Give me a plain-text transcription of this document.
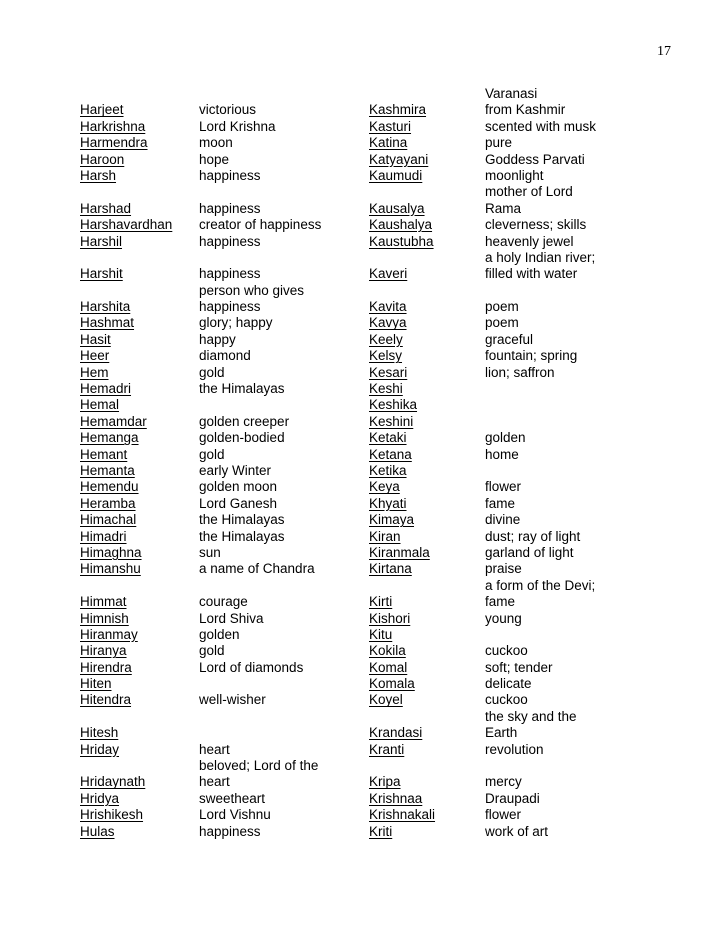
17
Harjeet
Harkrishna
Harmendra
Haroon
Harsh
Harshad
Harshavardhan
Harshil
Harshit
Harshita
Hashmat
Hasit
Heer
Hem
Hemadri
Hemal
Hemamdar
Hemanga
Hemant
Hemanta
Hemendu
Heramba
Himachal
Himadri
Himaghna
Himanshu
Himmat
Himnish
Hiranmay
Hiranya
Hirendra
Hiten
Hitendra
Hitesh
Hriday
Hridaynath
Hridya
Hrishikesh
Hulas
victorious
Lord Krishna
moon
hope
happiness
happiness
creator of happiness
happiness
happiness
person who gives
happiness
glory; happy
happy
diamond
gold
the Himalayas
golden creeper
golden-bodied
gold
early Winter
golden moon
Lord Ganesh
the Himalayas
the Himalayas
sun
a name of Chandra
courage
Lord Shiva
golden
gold
Lord of diamonds
well-wisher
heart
beloved; Lord of the
heart
sweetheart
Lord Vishnu
happiness
Kashmira
Kasturi
Katina
Katyayani
Kaumudi
Kausalya
Kaushalya
Kaustubha
Kaveri
Kavita
Kavya
Keely
Kelsy
Kesari
Keshi
Keshika
Keshini
Ketaki
Ketana
Ketika
Keya
Khyati
Kimaya
Kiran
Kiranmala
Kirtana
Kirti
Kishori
Kitu
Kokila
Komal
Komala
Koyel
Krandasi
Kranti
Kripa
Krishnaa
Krishnakali
Kriti
Varanasi
from Kashmir
scented with musk
pure
Goddess Parvati
moonlight
mother of Lord
Rama
cleverness; skills
heavenly jewel
a holy Indian river;
filled with water
poem
poem
graceful
fountain; spring
lion; saffron
golden
home
flower
fame
divine
dust; ray of light
garland of light
praise
a form of the Devi;
fame
young
cuckoo
soft; tender
delicate
cuckoo
the sky and the
Earth
revolution
mercy
Draupadi
flower
work of art
